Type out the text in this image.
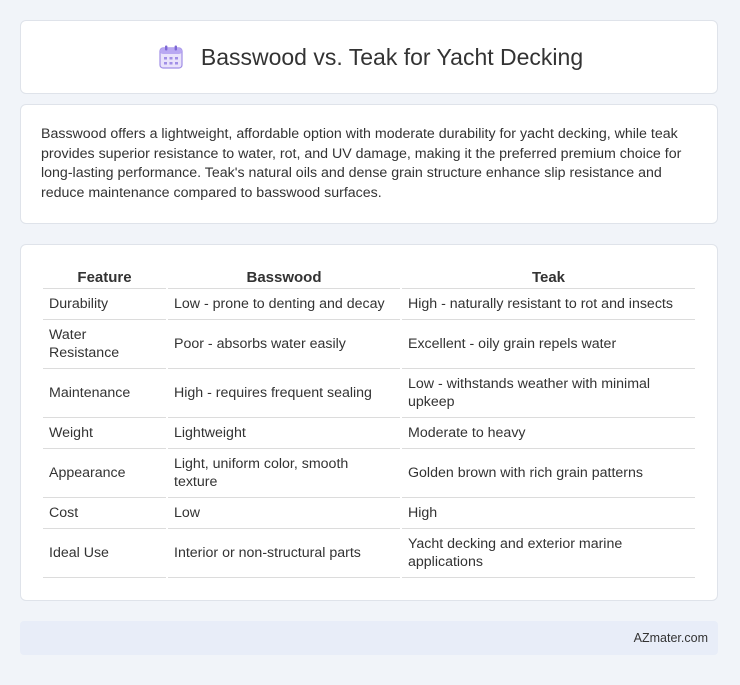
Basswood vs. Teak for Yacht Decking

Basswood offers a lightweight, affordable option with moderate durability for yacht decking, while teak provides superior resistance to water, rot, and UV damage, making it the preferred premium choice for long-lasting performance. Teak's natural oils and dense grain structure enhance slip resistance and reduce maintenance compared to basswood surfaces.

Feature	Basswood	Teak
Durability	Low - prone to denting and decay	High - naturally resistant to rot and insects
Water Resistance	Poor - absorbs water easily	Excellent - oily grain repels water
Maintenance	High - requires frequent sealing	Low - withstands weather with minimal upkeep
Weight	Lightweight	Moderate to heavy
Appearance	Light, uniform color, smooth texture	Golden brown with rich grain patterns
Cost	Low	High
Ideal Use	Interior or non-structural parts	Yacht decking and exterior marine applications
AZmater.com
